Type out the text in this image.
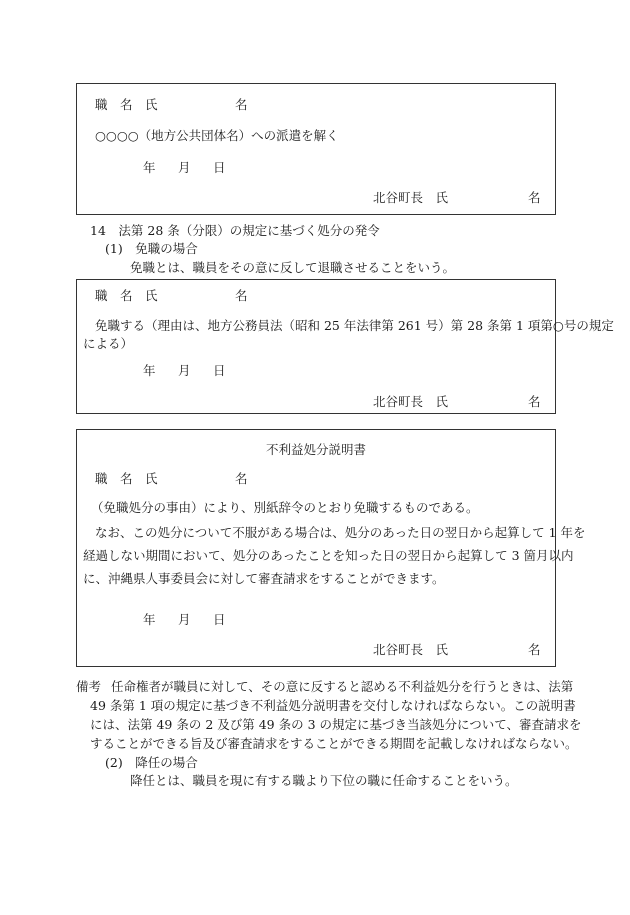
職　名　氏	名
○○○○（地方公共団体名）への派遣を解く
年 月 日
北谷町長　氏	名
14　法第 28 条（分限）の規定に基づく処分の発令
(1)　免職の場合
免職とは、職員をその意に反して退職させることをいう。
職　名　氏	名
免職する（理由は、地方公務員法（昭和 25 年法律第 261 号）第 28 条第 1 項第○号の規定
による）
年 月 日
北谷町長　氏	名
不利益処分説明書
職　名　氏	名
（免職処分の事由）により、別紙辞令のとおり免職するものである。
なお、この処分について不服がある場合は、処分のあった日の翌日から起算して 1 年を
経過しない期間において、処分のあったことを知った日の翌日から起算して 3 箇月以内
に、沖縄県人事委員会に対して審査請求をすることができます。
年 月 日
北谷町長　氏	名
備考 任命権者が職員に対して、その意に反すると認める不利益処分を行うときは、法第
49 条第 1 項の規定に基づき不利益処分説明書を交付しなければならない。この説明書
には、法第 49 条の 2 及び第 49 条の 3 の規定に基づき当該処分について、審査請求を
することができる旨及び審査請求をすることができる期間を記載しなければならない。
(2)　降任の場合
降任とは、職員を現に有する職より下位の職に任命することをいう。
